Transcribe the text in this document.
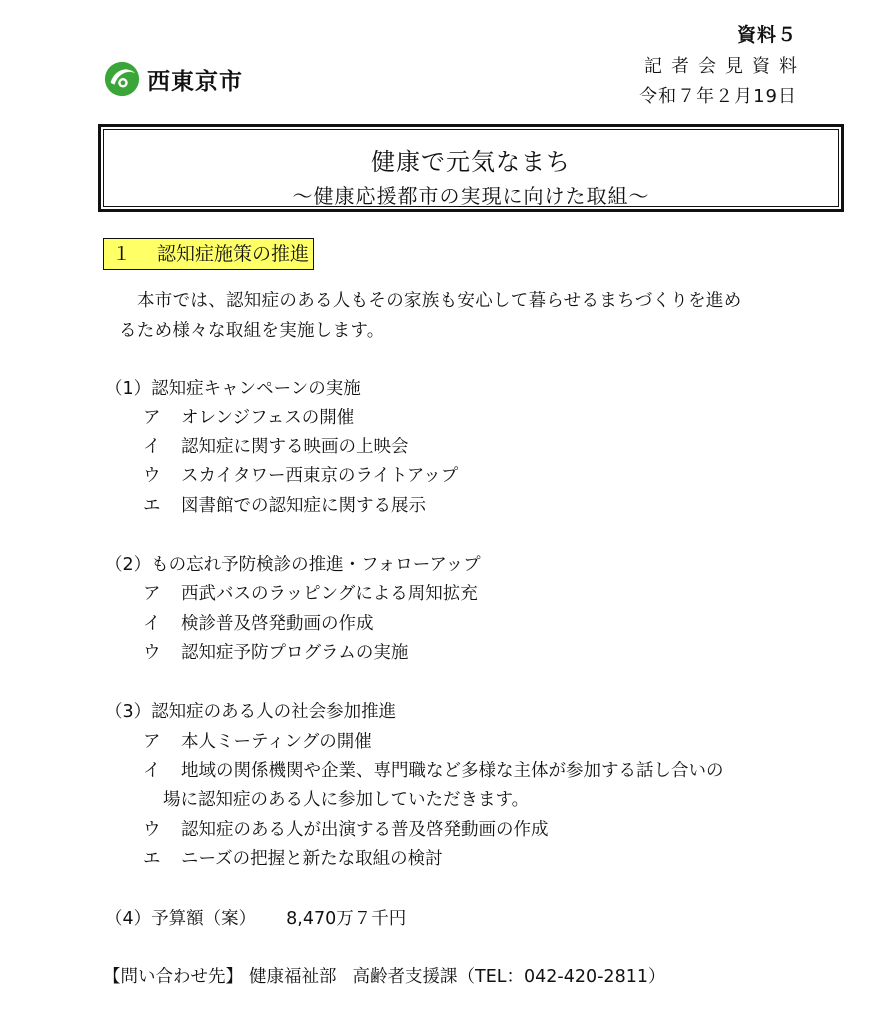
資料５
記者会見資料
令和７年２月19日
西東京市
健康で元気なまち
～健康応援都市の実現に向けた取組～
１ 認知症施策の推進
本市では、認知症のある人もその家族も安心して暮らせるまちづくりを進め
るため様々な取組を実施します。
（1）認知症キャンペーンの実施
ア オレンジフェスの開催
イ 認知症に関する映画の上映会
ウ スカイタワー西東京のライトアップ
エ 図書館での認知症に関する展示
（2）もの忘れ予防検診の推進・フォローアップ
ア 西武バスのラッピングによる周知拡充
イ 検診普及啓発動画の作成
ウ 認知症予防プログラムの実施
（3）認知症のある人の社会参加推進
ア 本人ミーティングの開催
イ 地域の関係機関や企業、専門職など多様な主体が参加する話し合いの
場に認知症のある人に参加していただきます。
ウ 認知症のある人が出演する普及啓発動画の作成
エ ニーズの把握と新たな取組の検討
（4）予算額（案） 8,470万７千円
【問い合わせ先】 健康福祉部 高齢者支援課（TEL：042-420-2811）
